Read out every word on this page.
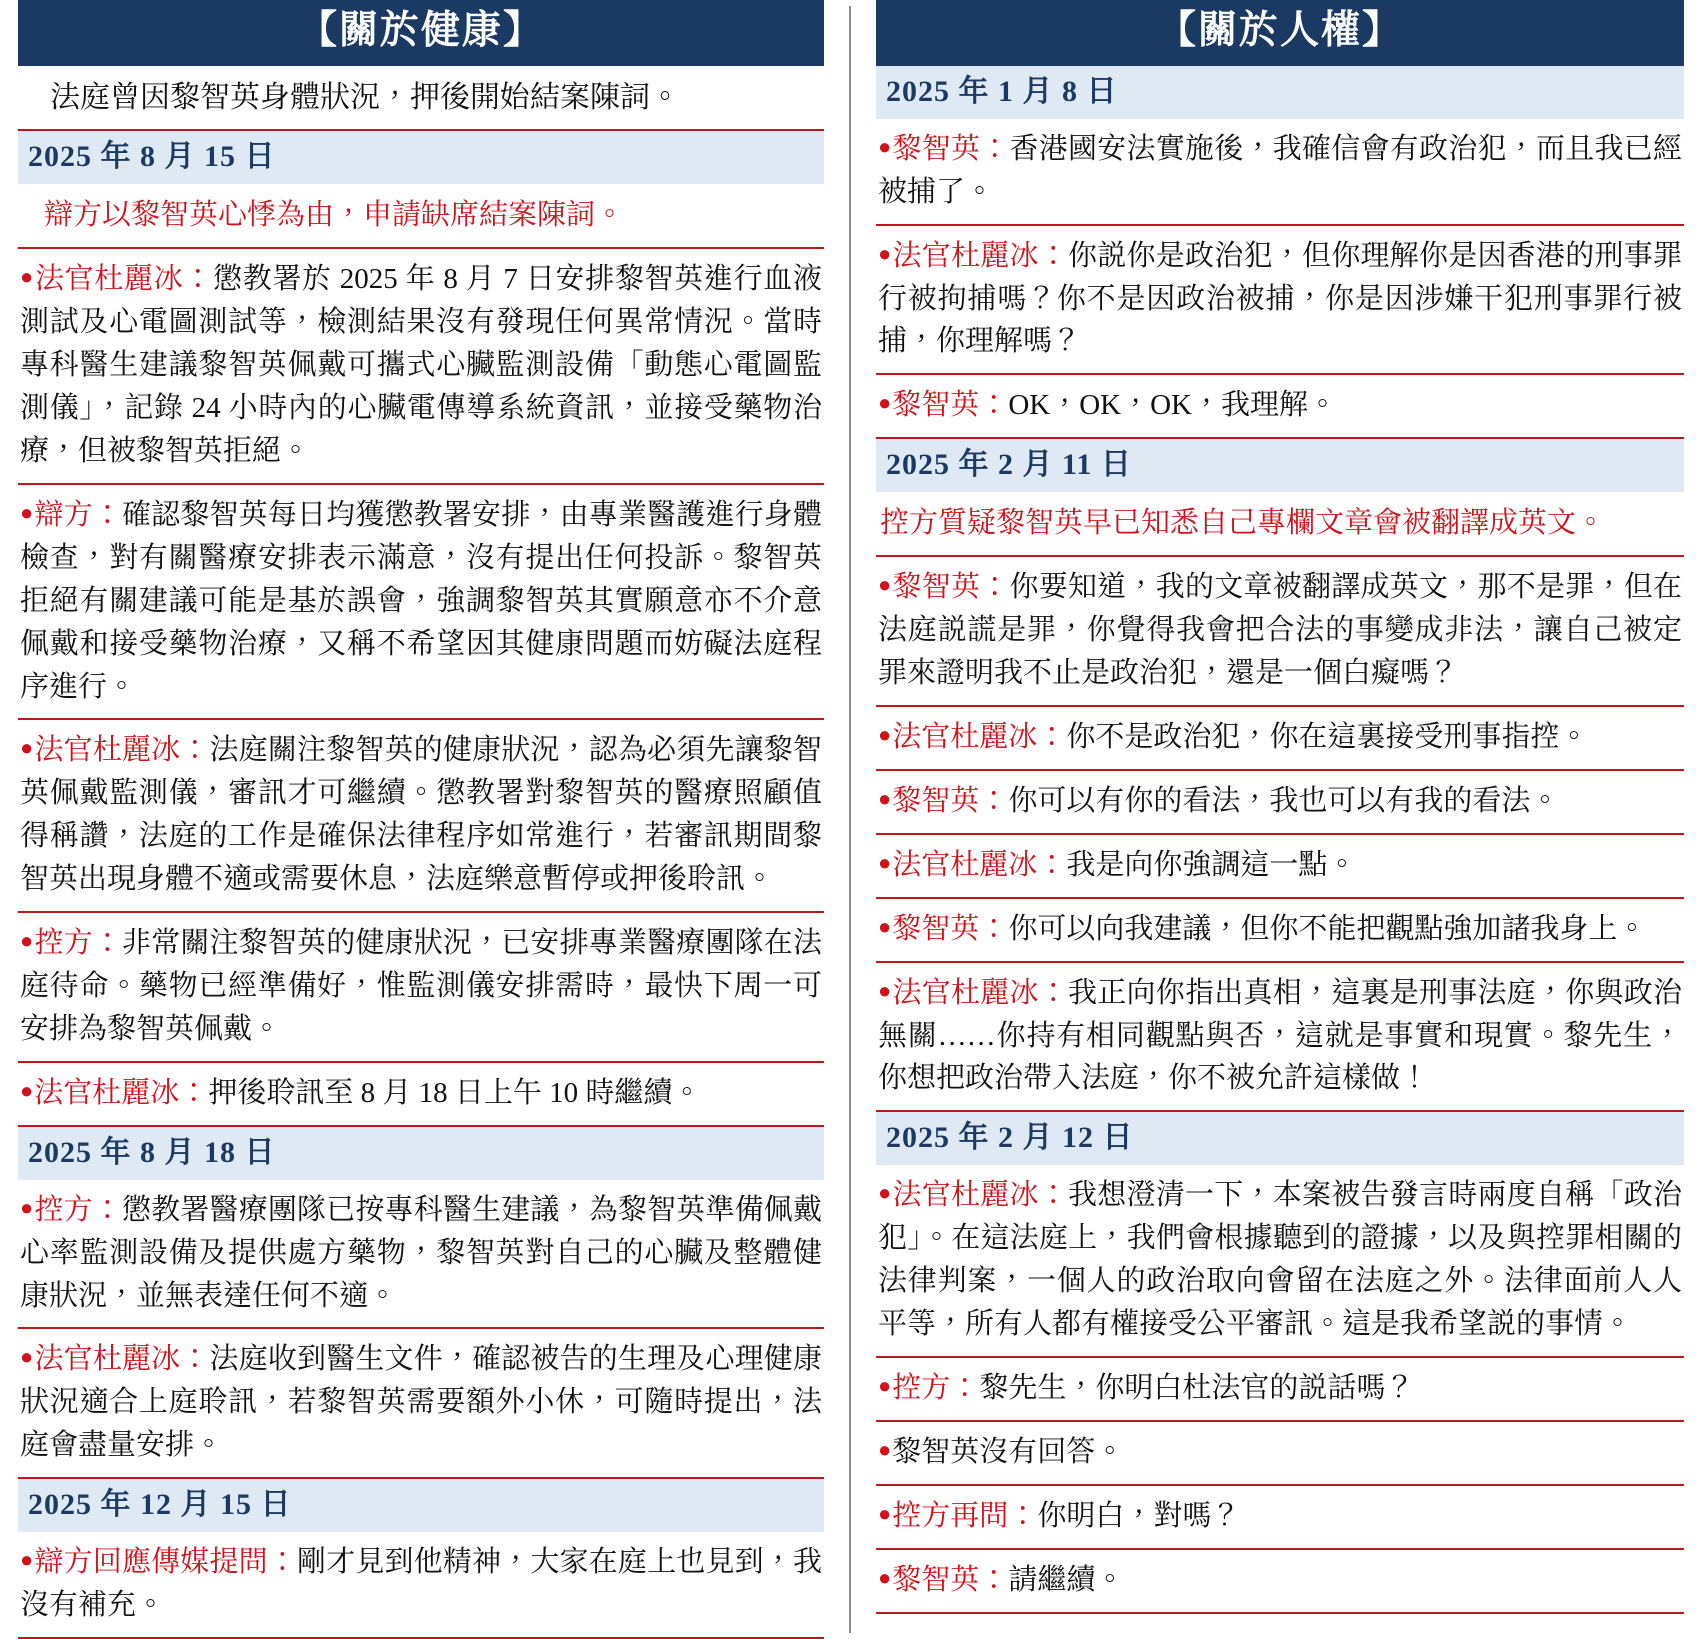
【關於健康】
法庭曾因黎智英身體狀況，押後開始結案陳詞。
2025 年 8 月 15 日
辯方以黎智英心悸為由，申請缺席結案陳詞。
●法官杜麗冰：懲教署於 2025 年 8 月 7 日安排黎智英進行血液測試及心電圖測試等，檢測結果沒有發現任何異常情況。當時專科醫生建議黎智英佩戴可攜式心臟監測設備「動態心電圖監測儀」，記錄 24 小時內的心臟電傳導系統資訊，並接受藥物治療，但被黎智英拒絕。
●辯方：確認黎智英每日均獲懲教署安排，由專業醫護進行身體檢查，對有關醫療安排表示滿意，沒有提出任何投訴。黎智英拒絕有關建議可能是基於誤會，強調黎智英其實願意亦不介意佩戴和接受藥物治療，又稱不希望因其健康問題而妨礙法庭程序進行。
●法官杜麗冰：法庭關注黎智英的健康狀況，認為必須先讓黎智英佩戴監測儀，審訊才可繼續。懲教署對黎智英的醫療照顧值得稱讚，法庭的工作是確保法律程序如常進行，若審訊期間黎智英出現身體不適或需要休息，法庭樂意暫停或押後聆訊。
●控方：非常關注黎智英的健康狀況，已安排專業醫療團隊在法庭待命。藥物已經準備好，惟監測儀安排需時，最快下周一可安排為黎智英佩戴。
●法官杜麗冰：押後聆訊至 8 月 18 日上午 10 時繼續。
2025 年 8 月 18 日
●控方：懲教署醫療團隊已按專科醫生建議，為黎智英準備佩戴心率監測設備及提供處方藥物，黎智英對自己的心臟及整體健康狀況，並無表達任何不適。
●法官杜麗冰：法庭收到醫生文件，確認被告的生理及心理健康狀況適合上庭聆訊，若黎智英需要額外小休，可隨時提出，法庭會盡量安排。
2025 年 12 月 15 日
●辯方回應傳媒提問：剛才見到他精神，大家在庭上也見到，我沒有補充。
【關於人權】
2025 年 1 月 8 日
●黎智英：香港國安法實施後，我確信會有政治犯，而且我已經被捕了。
●法官杜麗冰：你説你是政治犯，但你理解你是因香港的刑事罪行被拘捕嗎？你不是因政治被捕，你是因涉嫌干犯刑事罪行被捕，你理解嗎？
●黎智英：OK，OK，OK，我理解。
2025 年 2 月 11 日
控方質疑黎智英早已知悉自己專欄文章會被翻譯成英文。
●黎智英：你要知道，我的文章被翻譯成英文，那不是罪，但在法庭説謊是罪，你覺得我會把合法的事變成非法，讓自己被定罪來證明我不止是政治犯，還是一個白癡嗎？
●法官杜麗冰：你不是政治犯，你在這裏接受刑事指控。
●黎智英：你可以有你的看法，我也可以有我的看法。
●法官杜麗冰：我是向你強調這一點。
●黎智英：你可以向我建議，但你不能把觀點強加諸我身上。
●法官杜麗冰：我正向你指出真相，這裏是刑事法庭，你與政治無關……你持有相同觀點與否，這就是事實和現實。黎先生，你想把政治帶入法庭，你不被允許這樣做！
2025 年 2 月 12 日
●法官杜麗冰：我想澄清一下，本案被告發言時兩度自稱「政治犯」。在這法庭上，我們會根據聽到的證據，以及與控罪相關的法律判案，一個人的政治取向會留在法庭之外。法律面前人人平等，所有人都有權接受公平審訊。這是我希望説的事情。
●控方：黎先生，你明白杜法官的説話嗎？
●黎智英沒有回答。
●控方再問：你明白，對嗎？
●黎智英：請繼續。
